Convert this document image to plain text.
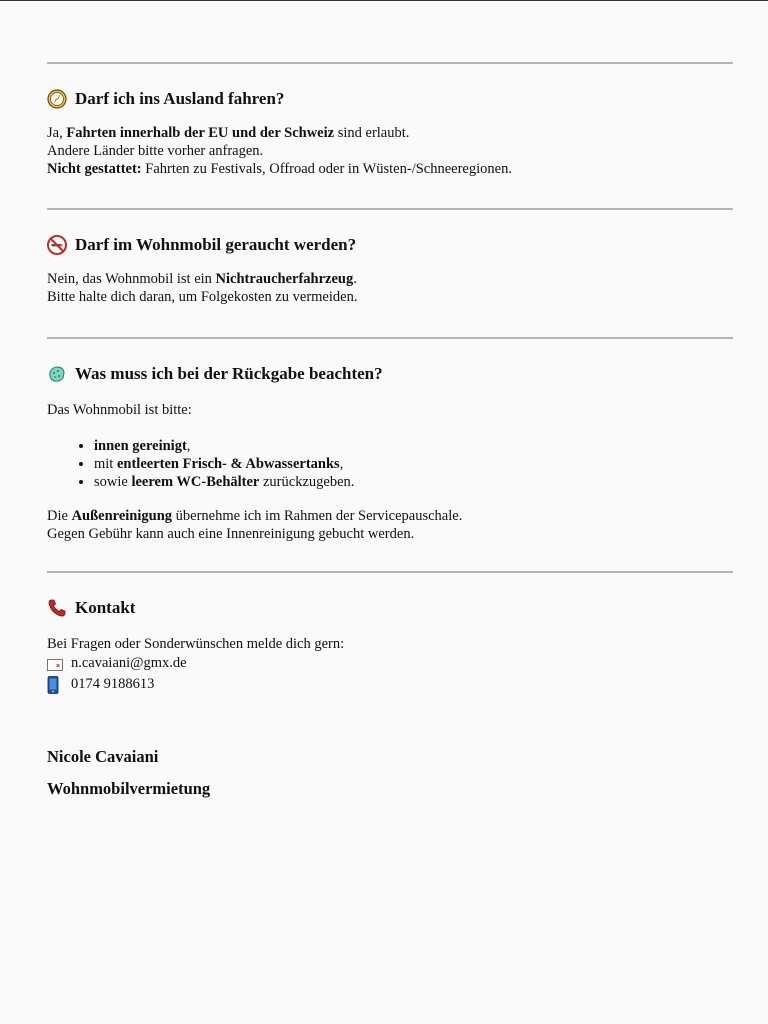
Darf ich ins Ausland fahren?

Ja, Fahrten innerhalb der EU und der Schweiz sind erlaubt.
Andere Länder bitte vorher anfragen.
Nicht gestattet: Fahrten zu Festivals, Offroad oder in Wüsten-/Schneeregionen.

Darf im Wohnmobil geraucht werden?

Nein, das Wohnmobil ist ein Nichtraucherfahrzeug.
Bitte halte dich daran, um Folgekosten zu vermeiden.

Was muss ich bei der Rückgabe beachten?

Das Wohnmobil ist bitte:

• innen gereinigt,
• mit entleerten Frisch- & Abwassertanks,
• sowie leerem WC-Behälter zurückzugeben.

Die Außenreinigung übernehme ich im Rahmen der Servicepauschale.
Gegen Gebühr kann auch eine Innenreinigung gebucht werden.

Kontakt

Bei Fragen oder Sonderwünschen melde dich gern:

n.cavaiani@gmx.de
0174 9188613

Nicole Cavaiani

Wohnmobilvermietung
